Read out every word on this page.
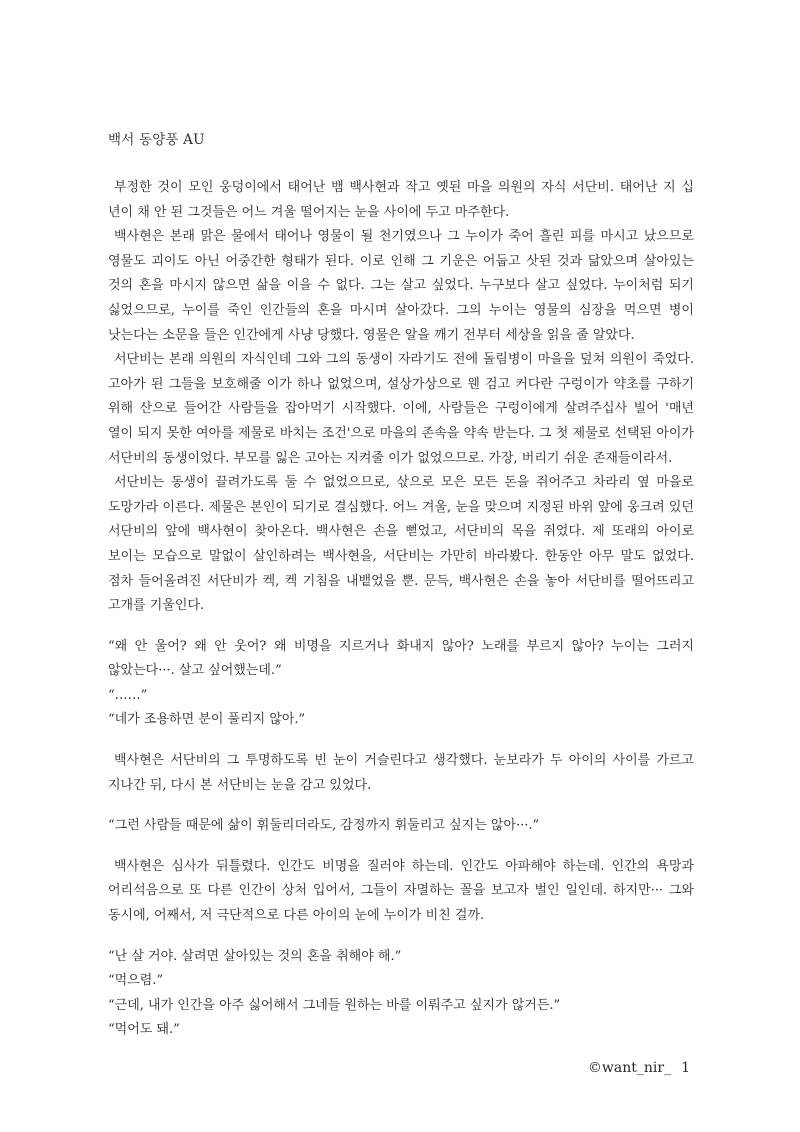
백서 동양풍 AU

부정한 것이 모인 웅덩이에서 태어난 뱀 백사현과 작고 옛된 마을 의원의 자식 서단비. 태어난 지 십 년이 채 안 된 그것들은 어느 겨울 떨어지는 눈을 사이에 두고 마주한다.

백사현은 본래 맑은 물에서 태어나 영물이 될 천기였으나 그 누이가 죽어 흘린 피를 마시고 났으므로 영물도 괴이도 아닌 어중간한 형태가 된다. 이로 인해 그 기운은 어둡고 삿된 것과 닮았으며 살아있는 것의 혼을 마시지 않으면 삶을 이을 수 없다. 그는 살고 싶었다. 누구보다 살고 싶었다. 누이처럼 되기 싫었으므로, 누이를 죽인 인간들의 혼을 마시며 살아갔다. 그의 누이는 영물의 심장을 먹으면 병이 낫는다는 소문을 들은 인간에게 사냥 당했다. 영물은 알을 깨기 전부터 세상을 읽을 줄 알았다.

서단비는 본래 의원의 자식인데 그와 그의 동생이 자라기도 전에 돌림병이 마을을 덮쳐 의원이 죽었다. 고아가 된 그들을 보호해줄 이가 하나 없었으며, 설상가상으로 웬 검고 커다란 구렁이가 약초를 구하기 위해 산으로 들어간 사람들을 잡아먹기 시작했다. 이에, 사람들은 구렁이에게 살려주십사 빌어 '매년 열이 되지 못한 여아를 제물로 바치는 조건'으로 마을의 존속을 약속 받는다. 그 첫 제물로 선택된 아이가 서단비의 동생이었다. 부모를 잃은 고아는 지켜줄 이가 없었으므로. 가장, 버리기 쉬운 존재들이라서.

서단비는 동생이 끌려가도록 둘 수 없었으므로, 삯으로 모은 모든 돈을 쥐어주고 차라리 옆 마을로 도망가라 이른다. 제물은 본인이 되기로 결심했다. 어느 겨울, 눈을 맞으며 지정된 바위 앞에 웅크려 있던 서단비의 앞에 백사현이 찾아온다. 백사현은 손을 뻗었고, 서단비의 목을 쥐었다. 제 또래의 아이로 보이는 모습으로 말없이 살인하려는 백사현을, 서단비는 가만히 바라봤다. 한동안 아무 말도 없었다. 점차 들어올려진 서단비가 켁, 켁 기침을 내뱉었을 뿐. 문득, 백사현은 손을 놓아 서단비를 떨어뜨리고 고개를 기울인다.

“왜 안 울어? 왜 안 웃어? 왜 비명을 지르거나 화내지 않아? 노래를 부르지 않아? 누이는 그러지 않았는다···. 살고 싶어했는데.”

“……”

“네가 조용하면 분이 풀리지 않아.”

백사현은 서단비의 그 투명하도록 빈 눈이 거슬린다고 생각했다. 눈보라가 두 아이의 사이를 가르고 지나간 뒤, 다시 본 서단비는 눈을 감고 있었다.

“그런 사람들 때문에 삶이 휘둘리더라도, 감정까지 휘둘리고 싶지는 않아···.”

백사현은 심사가 뒤틀렸다. 인간도 비명을 질러야 하는데. 인간도 아파해야 하는데. 인간의 욕망과 어리석음으로 또 다른 인간이 상처 입어서, 그들이 자멸하는 꼴을 보고자 벌인 일인데. 하지만··· 그와 동시에, 어째서, 저 극단적으로 다른 아이의 눈에 누이가 비친 걸까.

“난 살 거야. 살려면 살아있는 것의 혼을 취해야 해.”

“먹으렴.”

“근데, 내가 인간을 아주 싫어해서 그네들 원하는 바를 이뤄주고 싶지가 않거든.”

“먹어도 돼.”

©want_nir_ 1
